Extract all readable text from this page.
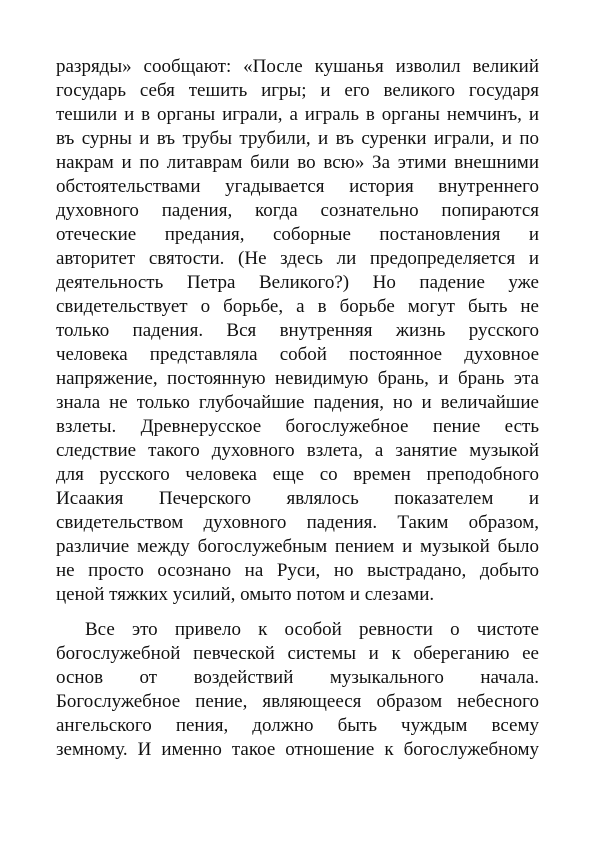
разряды» сообщают: «После кушанья изволил великий
государь себя тешить игры; и его великого государя
тешили и в органы играли, а играль в органы немчинъ, и
въ сурны и въ трубы трубили, и въ суренки играли, и по
накрам и по литаврам били во всю» За этими внешними
обстоятельствами угадывается история внутреннего
духовного падения, когда сознательно попираются
отеческие предания, соборные постановления и
авторитет святости. (Не здесь ли предопределяется и
деятельность Петра Великого?) Но падение уже
свидетельствует о борьбе, а в борьбе могут быть не
только падения. Вся внутренняя жизнь русского
человека представляла собой постоянное духовное
напряжение, постоянную невидимую брань, и брань эта
знала не только глубочайшие падения, но и величайшие
взлеты. Древнерусское богослужебное пение есть
следствие такого духовного взлета, а занятие музыкой
для русского человека еще со времен преподобного
Исаакия Печерского являлось показателем и
свидетельством духовного падения. Таким образом,
различие между богослужебным пением и музыкой было
не просто осознано на Руси, но выстрадано, добыто
ценой тяжких усилий, омыто потом и слезами.
Все это привело к особой ревности о чистоте
богослужебной певческой системы и к оберeганию ее
основ от воздействий музыкального начала.
Богослужебное пение, являющееся образом небесного
ангельского пения, должно быть чуждым всему
земному. И именно такое отношение к богослужебному
